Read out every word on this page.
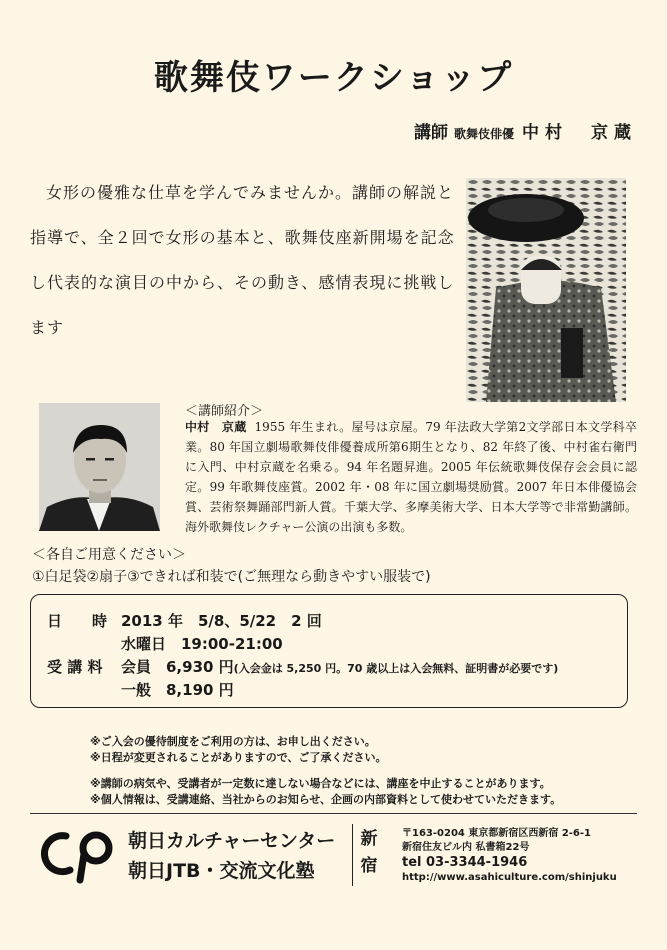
歌舞伎ワークショップ
講師 歌舞伎俳優 中村　京蔵

女形の優雅な仕草を学んでみませんか。講師の解説と指導で、全２回で女形の基本と、歌舞伎座新開場を記念し代表的な演目の中から、その動き、感情表現に挑戦します

＜講師紹介＞
中村　京蔵 1955 年生まれ。屋号は京屋。79 年法政大学第2文学部日本文学科卒業。80 年国立劇場歌舞伎俳優養成所第6期生となり、82 年終了後、中村雀右衛門に入門、中村京蔵を名乗る。94 年名題昇進。2005 年伝統歌舞伎保存会会員に認定。99 年歌舞伎座賞。2002 年・08 年に国立劇場奨励賞。2007 年日本俳優協会賞、芸術祭舞踊部門新人賞。千葉大学、多摩美術大学、日本大学等で非常勤講師。海外歌舞伎レクチャー公演の出演も多数。
＜各自ご用意ください＞
①白足袋②扇子③できれば和装で(ご無理なら動きやすい服装で)
日　　時 2013 年　5/8、5/22　2 回
水曜日　19:00-21:00
受 講 料 会員　6,930 円(入会金は 5,250 円。70 歳以上は入会無料、証明書が必要です)
一般　8,190 円
※ご入会の優待制度をご利用の方は、お申し出ください。
※日程が変更されることがありますので、ご了承ください。
※講師の病気や、受講者が一定数に達しない場合などには、講座を中止することがあります。
※個人情報は、受講連絡、当社からのお知らせ、企画の内部資料として使わせていただきます。
朝日カルチャーセンター
朝日JTB・交流文化塾
新宿
〒163-0204 東京都新宿区西新宿 2-6-1
新宿住友ビル内 私書箱22号
tel 03-3344-1946
http://www.asahiculture.com/shinjuku
